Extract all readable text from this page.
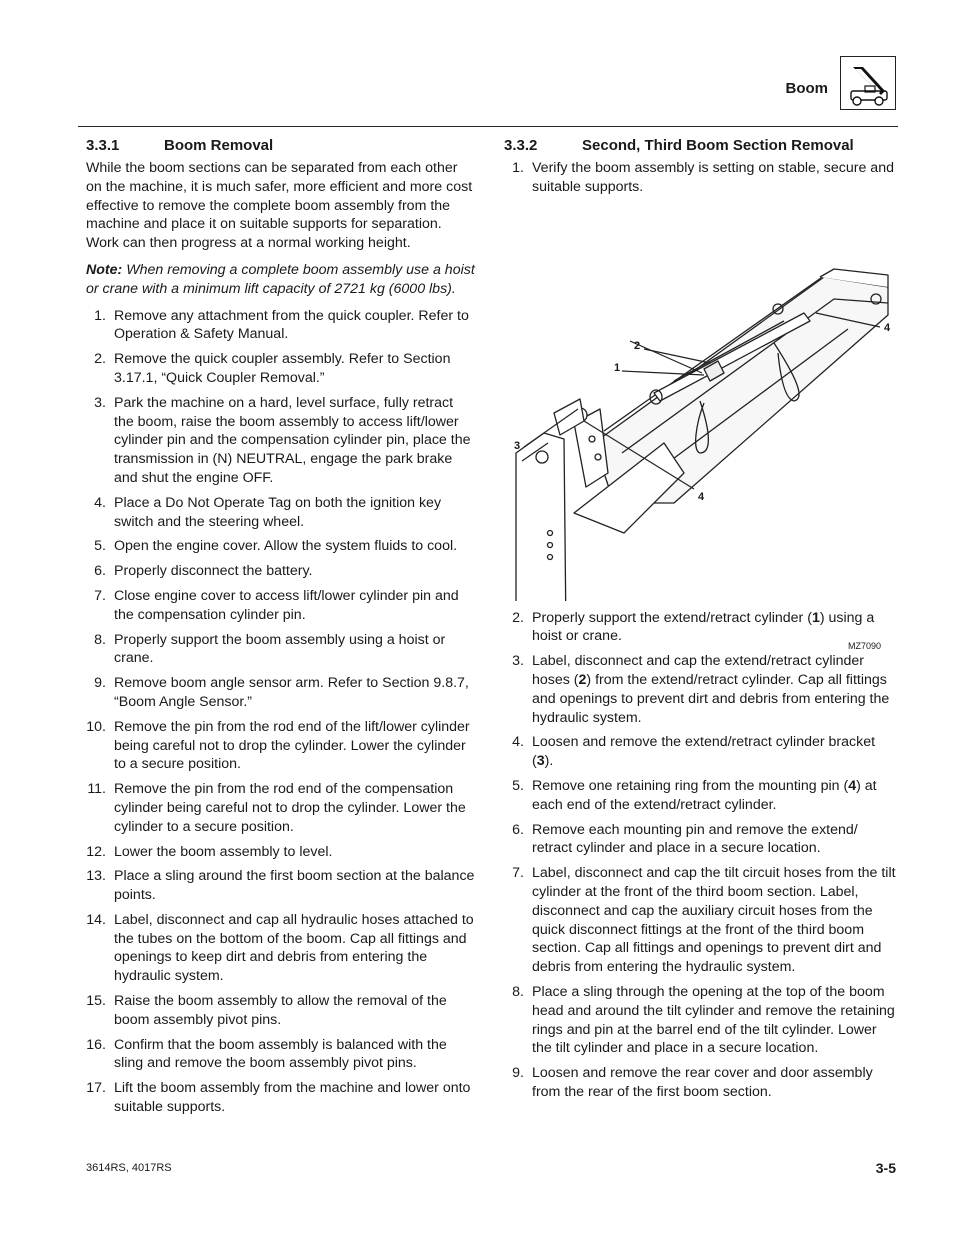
Boom
3.3.1	Boom Removal

While the boom sections can be separated from each other on the machine, it is much safer, more efficient and more cost effective to remove the complete boom assembly from the machine and place it on suitable supports for separation. Work can then progress at a normal working height.

Note: When removing a complete boom assembly use a hoist or crane with a minimum lift capacity of 2721 kg (6000 lbs).

1. Remove any attachment from the quick coupler. Refer to Operation & Safety Manual.
2. Remove the quick coupler assembly. Refer to Section 3.17.1, “Quick Coupler Removal.”
3. Park the machine on a hard, level surface, fully retract the boom, raise the boom assembly to access lift/lower cylinder pin and the compensation cylinder pin, place the transmission in (N) NEUTRAL, engage the park brake and shut the engine OFF.
4. Place a Do Not Operate Tag on both the ignition key switch and the steering wheel.
5. Open the engine cover. Allow the system fluids to cool.
6. Properly disconnect the battery.
7. Close engine cover to access lift/lower cylinder pin and the compensation cylinder pin.
8. Properly support the boom assembly using a hoist or crane.
9. Remove boom angle sensor arm. Refer to Section 9.8.7, “Boom Angle Sensor.”
10. Remove the pin from the rod end of the lift/lower cylinder being careful not to drop the cylinder. Lower the cylinder to a secure position.
11. Remove the pin from the rod end of the compensation cylinder being careful not to drop the cylinder. Lower the cylinder to a secure position.
12. Lower the boom assembly to level.
13. Place a sling around the first boom section at the balance points.
14. Label, disconnect and cap all hydraulic hoses attached to the tubes on the bottom of the boom. Cap all fittings and openings to keep dirt and debris from entering the hydraulic system.
15. Raise the boom assembly to allow the removal of the boom assembly pivot pins.
16. Confirm that the boom assembly is balanced with the sling and remove the boom assembly pivot pins.
17. Lift the boom assembly from the machine and lower onto suitable supports.
3.3.2	Second, Third Boom Section Removal
1. Verify the boom assembly is setting on stable, secure and suitable supports.
2
1
3
4
4
MZ7090
2. Properly support the extend/retract cylinder (1) using a hoist or crane.
3. Label, disconnect and cap the extend/retract cylinder hoses (2) from the extend/retract cylinder. Cap all fittings and openings to prevent dirt and debris from entering the hydraulic system.
4. Loosen and remove the extend/retract cylinder bracket (3).
5. Remove one retaining ring from the mounting pin (4) at each end of the extend/retract cylinder.
6. Remove each mounting pin and remove the extend/ retract cylinder and place in a secure location.
7. Label, disconnect and cap the tilt circuit hoses from the tilt cylinder at the front of the third boom section. Label, disconnect and cap the auxiliary circuit hoses from the quick disconnect fittings at the front of the third boom section. Cap all fittings and openings to prevent dirt and debris from entering the hydraulic system.
8. Place a sling through the opening at the top of the boom head and around the tilt cylinder and remove the retaining rings and pin at the barrel end of the tilt cylinder. Lower the tilt cylinder and place in a secure location.
9. Loosen and remove the rear cover and door assembly from the rear of the first boom section.
3614RS, 4017RS	3-5
